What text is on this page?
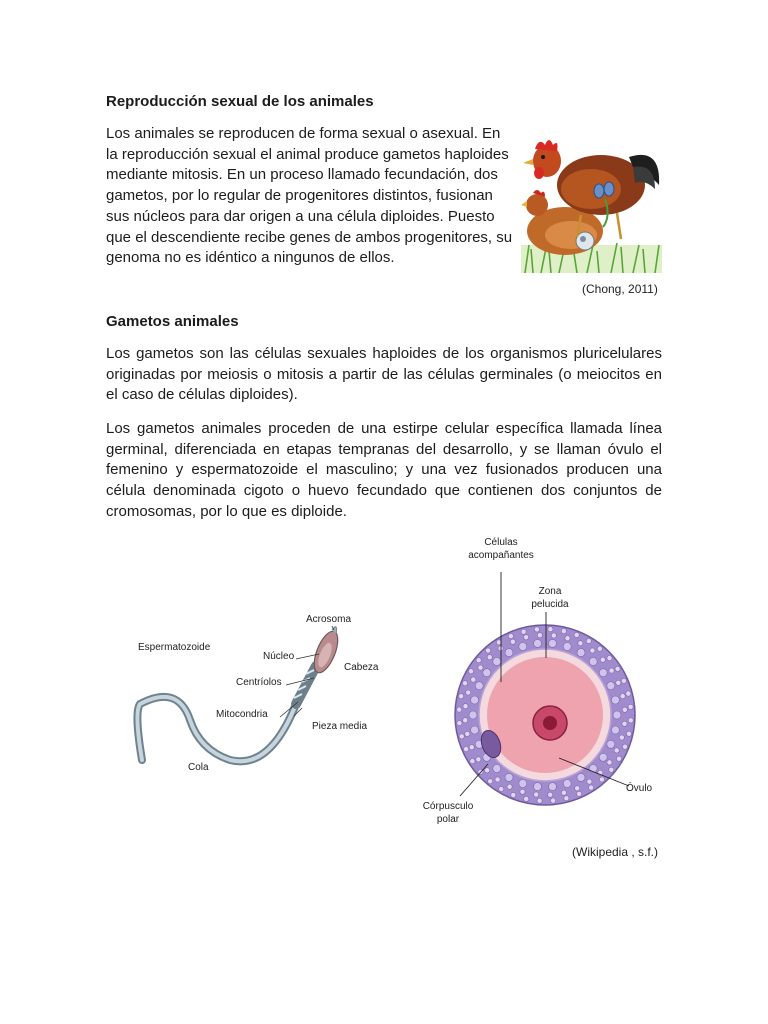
Reproducción sexual de los animales
Los animales se reproducen de forma sexual o asexual. En
la reproducción sexual el animal produce gametos haploides
mediante mitosis. En un proceso llamado fecundación, dos
gametos, por lo regular de progenitores distintos, fusionan
sus núcleos para dar origen a una célula diploides. Puesto
que el descendiente recibe genes de ambos progenitores, su
genoma no es idéntico a ningunos de ellos.
(Chong, 2011)
Gametos animales
Los gametos son las células sexuales haploides de los organismos pluricelulares originadas por meiosis o mitosis a partir de las células germinales (o meiocitos en el caso de células diploides).
Los gametos animales proceden de una estirpe celular específica llamada línea germinal, diferenciada en etapas tempranas del desarrollo, y se llaman óvulo el femenino y espermatozoide el masculino; y una vez fusionados producen una célula denominada cigoto o huevo fecundado que contienen dos conjuntos de cromosomas, por lo que es diploide.
Espermatozoide
Acrosoma
Núcleo
Cabeza
Centríolos
Mitocondria
Pieza media
Cola
Células
acompañantes
Zona
pelucida
Óvulo
Córpusculo
polar
(Wikipedia , s.f.)
